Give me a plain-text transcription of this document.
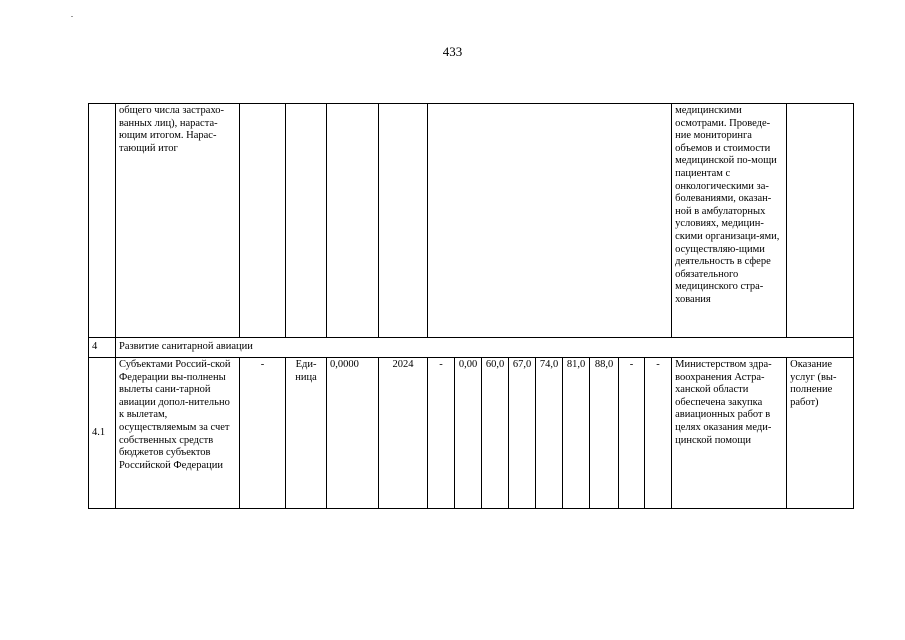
433
	общего числа застрахо-ванных лиц), нараста-ющим итогом. Нарас-тающий итог														медицинскими осмотрами. Проведе-ние мониторинга объемов и стоимости медицинской по-мощи пациентам с онкологическими за-болеваниями, оказан-ной в амбулаторных условиях, медицин-скими организаци-ями, осуществляю-щими деятельность в сфере обязательного медицинского стра-хования	
4	Развитие санитарной авиации															
4.1	Субъектами Россий-ской Федерации вы-полнены вылеты сани-тарной авиации допол-нительно к вылетам, осуществляемым за счет собственных средств бюджетов субъектов Российской Федерации	-	Еди-ница	0,0000	2024	-	0,00	60,0	67,0	74,0	81,0	88,0	-	-	Министерством здра-воохранения Астра-ханской области обеспечена закупка авиационных работ в целях оказания меди-цинской помощи	Оказание услуг (вы-полнение работ)
